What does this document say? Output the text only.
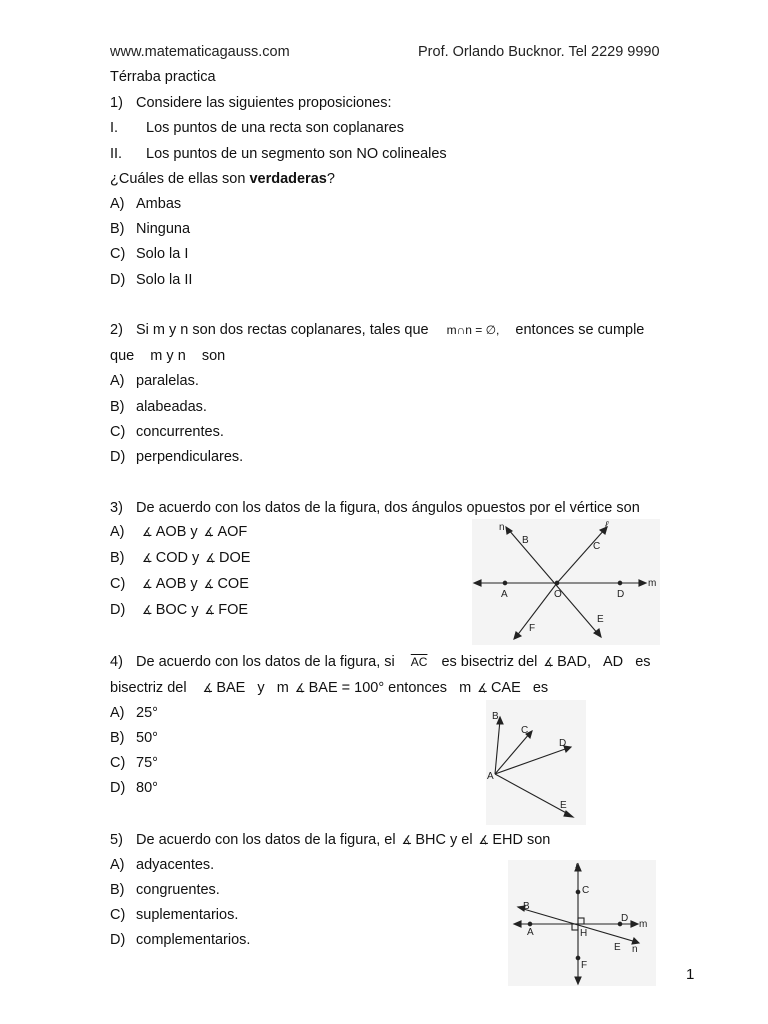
www.matematicagauss.com	Prof. Orlando Bucknor. Tel 2229 9990
Térraba practica
1) Considere las siguientes proposiciones:
I. Los puntos de una recta son coplanares
II. Los puntos de un segmento son NO colineales
¿Cuáles de ellas son verdaderas?
A) Ambas
B) Ninguna
C) Solo la I
D) Solo la II
2) Si m y n son dos rectas coplanares, tales que m∩n = ∅, entonces se cumple
que    m y n    son
A) paralelas.
B) alabeadas.
C) concurrentes.
D) perpendiculares.
3) De acuerdo con los datos de la figura, dos ángulos opuestos por el vértice son
A) ∡ AOB y ∡ AOF
B) ∡ COD y ∡ DOE
C) ∡ AOB y ∡ COE
D) ∡ BOC y ∡ FOE
n	ℓ
m
B
C
A	O	D
E
F
4) De acuerdo con los datos de la figura, si $\overline{AC}$ es bisectriz del ∡ BAD, AD   es
bisectriz del ∡ BAE   y   m ∡ BAE = 100° entonces   m ∡ CAE   es
A) 25°
B) 50°
C) 75°
D) 80°
B
C
D
A
E
5) De acuerdo con los datos de la figura, el ∡ BHC y el ∡ EHD son
A) adyacentes.
B) congruentes.
C) suplementarios.
D) complementarios.
ℓ
C
B
D
m
A	H
E n
F
1
